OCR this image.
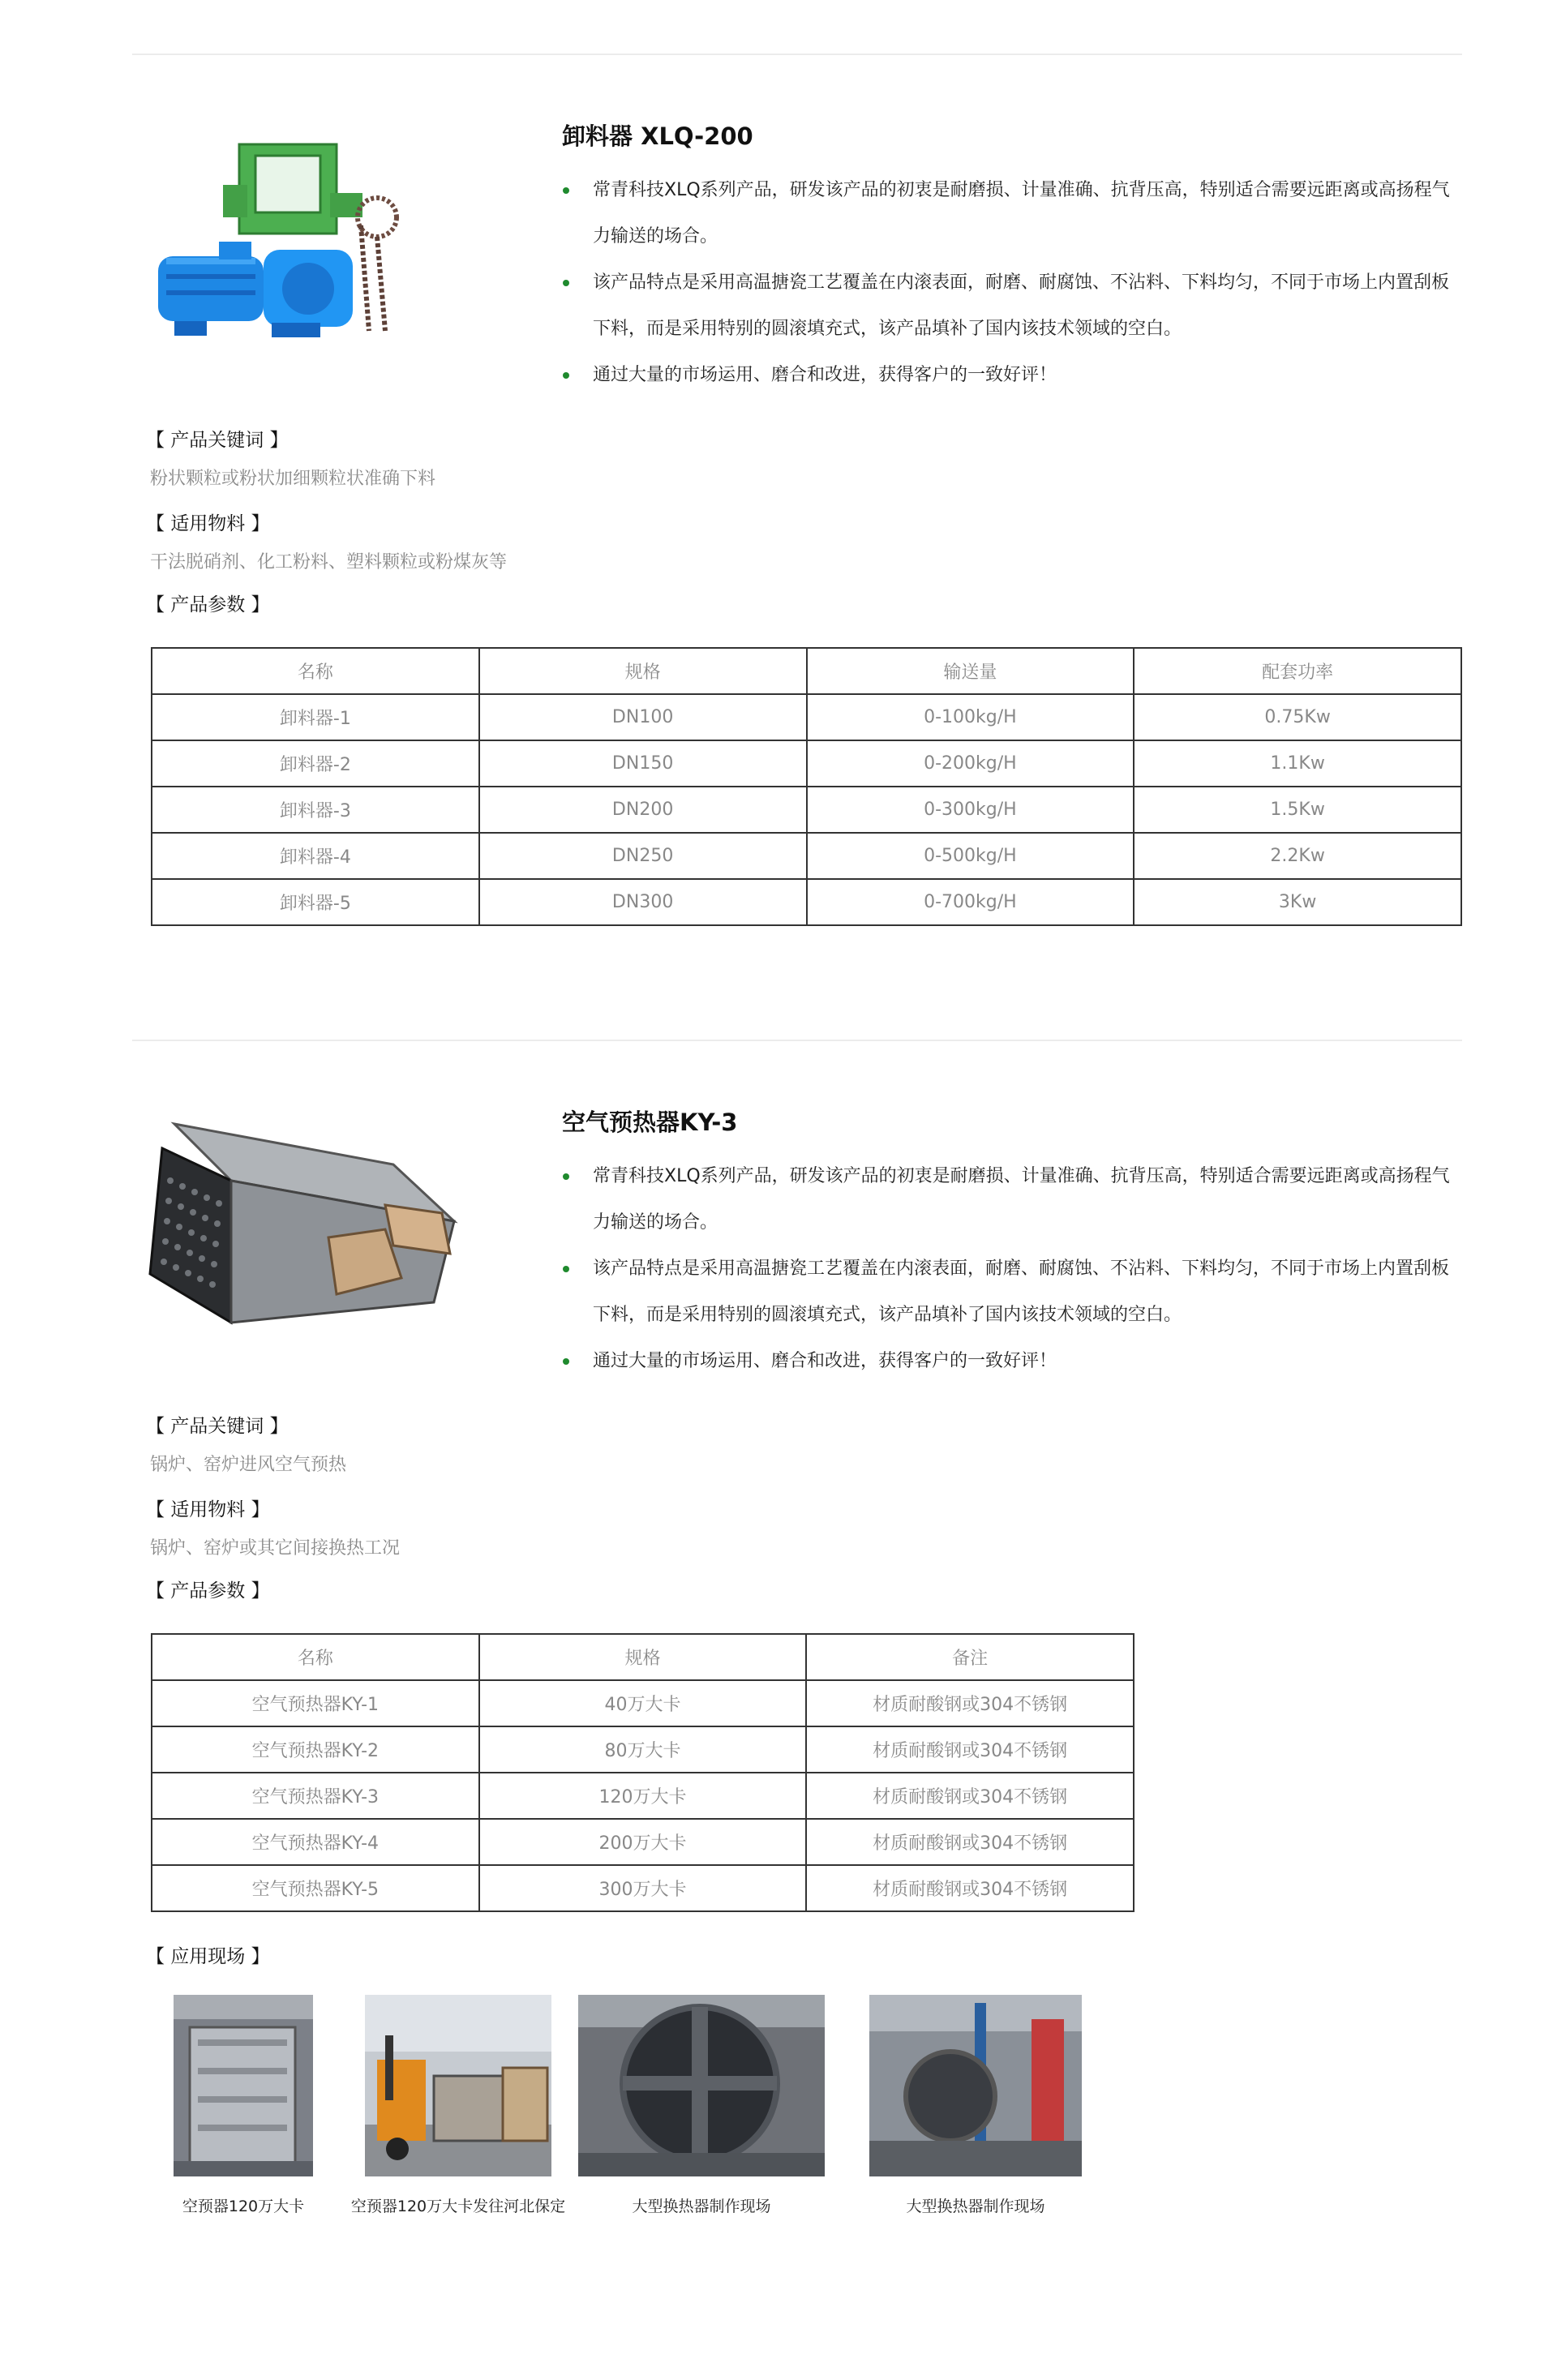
卸料器 XLQ-200
常青科技XLQ系列产品，研发该产品的初衷是耐磨损、计量准确、抗背压高，特别适合需要远距离或高扬程气力输送的场合。
该产品特点是采用高温搪瓷工艺覆盖在内滚表面，耐磨、耐腐蚀、不沾料、下料均匀，不同于市场上内置刮板下料，而是采用特别的圆滚填充式，该产品填补了国内该技术领域的空白。
通过大量的市场运用、磨合和改进，获得客户的一致好评！
【 产品关键词 】
粉状颗粒或粉状加细颗粒状准确下料
【 适用物料 】
干法脱硝剂、化工粉料、塑料颗粒或粉煤灰等
【 产品参数 】
名称	规格	输送量	配套功率
卸料器-1	DN100	0-100kg/H	0.75Kw
卸料器-2	DN150	0-200kg/H	1.1Kw
卸料器-3	DN200	0-300kg/H	1.5Kw
卸料器-4	DN250	0-500kg/H	2.2Kw
卸料器-5	DN300	0-700kg/H	3Kw
空气预热器KY-3
常青科技XLQ系列产品，研发该产品的初衷是耐磨损、计量准确、抗背压高，特别适合需要远距离或高扬程气力输送的场合。
该产品特点是采用高温搪瓷工艺覆盖在内滚表面，耐磨、耐腐蚀、不沾料、下料均匀，不同于市场上内置刮板下料，而是采用特别的圆滚填充式，该产品填补了国内该技术领域的空白。
通过大量的市场运用、磨合和改进，获得客户的一致好评！
【 产品关键词 】
锅炉、窑炉进风空气预热
【 适用物料 】
锅炉、窑炉或其它间接换热工况
【 产品参数 】
名称	规格	备注
空气预热器KY-1	40万大卡	材质耐酸钢或304不锈钢
空气预热器KY-2	80万大卡	材质耐酸钢或304不锈钢
空气预热器KY-3	120万大卡	材质耐酸钢或304不锈钢
空气预热器KY-4	200万大卡	材质耐酸钢或304不锈钢
空气预热器KY-5	300万大卡	材质耐酸钢或304不锈钢
【 应用现场 】
空预器120万大卡	空预器120万大卡发往河北保定	大型换热器制作现场	大型换热器制作现场
